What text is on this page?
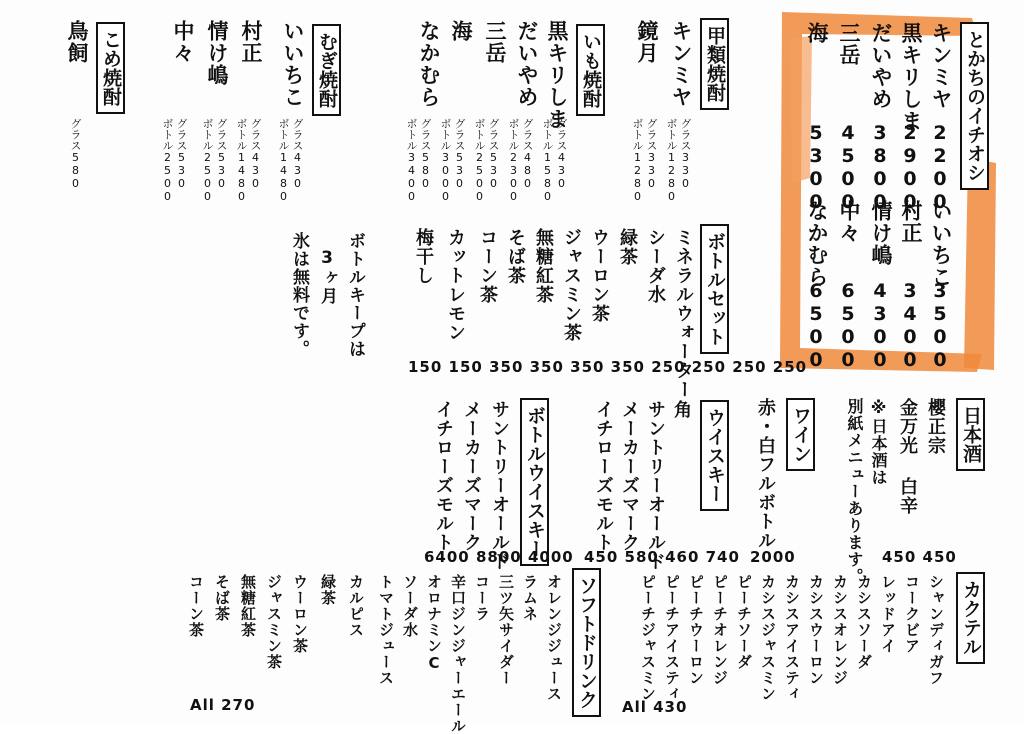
とかちのイチオシ
キンミヤ
黒キリしま
だいやめ
三岳
海
2200
2900
3800
4500
5300
いいちこ
村正
情け嶋
中々
なかむら
3500
3400
4300
6500
6500
甲類焼酎
キンミヤ
鏡月
グラス330
ボトル1280
グラス330
ボトル1280
いも焼酎
黒キリしま
だいやめ
三岳
海
なかむら
グラス430
ボトル1580
グラス480
ボトル2300
グラス530
ボトル2500
グラス530
ボトル3000
グラス580
ボトル3400
むぎ焼酎
いいちこ
村正
情け嶋
中々
グラス430
ボトル1480
グラス430
ボトル1480
グラス530
ボトル2500
グラス530
ボトル2500
こめ焼酎
鳥飼
グラス580
ボトルキープは
3ヶ月
氷は無料です。	ボトルセット
ミネラルウォーター
シーダ水
緑茶
ウーロン茶
ジャスミン茶
無糖紅茶
そば茶
コーン茶
カットレモン
梅干し
150 150 350 350 350 350 250 250 250 250
日本酒
櫻正宗
金万光 白辛
※日本酒は
別紙メニューあります。 450 450
ワイン
赤・白フルボトル
2000
ウイスキー
角
サントリーオールド
メーカーズマーク
イチローズモルト
450 580 460 740
ボトルウイスキー
サントリーオールド
メーカーズマーク
イチローズモルト
6400 8800 4000
カクテル
シャンディガフ
コークビア
レッドアイ
カシスソーダ
カシスオレンジ
カシスウーロン
カシスアイスティ
カシスジャスミン
ピーチソーダ
ピーチオレンジ
ピーチウーロン
ピーチアイスティ
ピーチジャスミン
All 430
ソフトドリンク
オレンジジュース
ラムネ
三ツ矢サイダー
コーラ
辛口ジンジャーエール
オロナミンC
ソーダ水
トマトジュース
カルピス
緑茶
ウーロン茶
ジャスミン茶
無糖紅茶
そば茶
コーン茶
All 270
